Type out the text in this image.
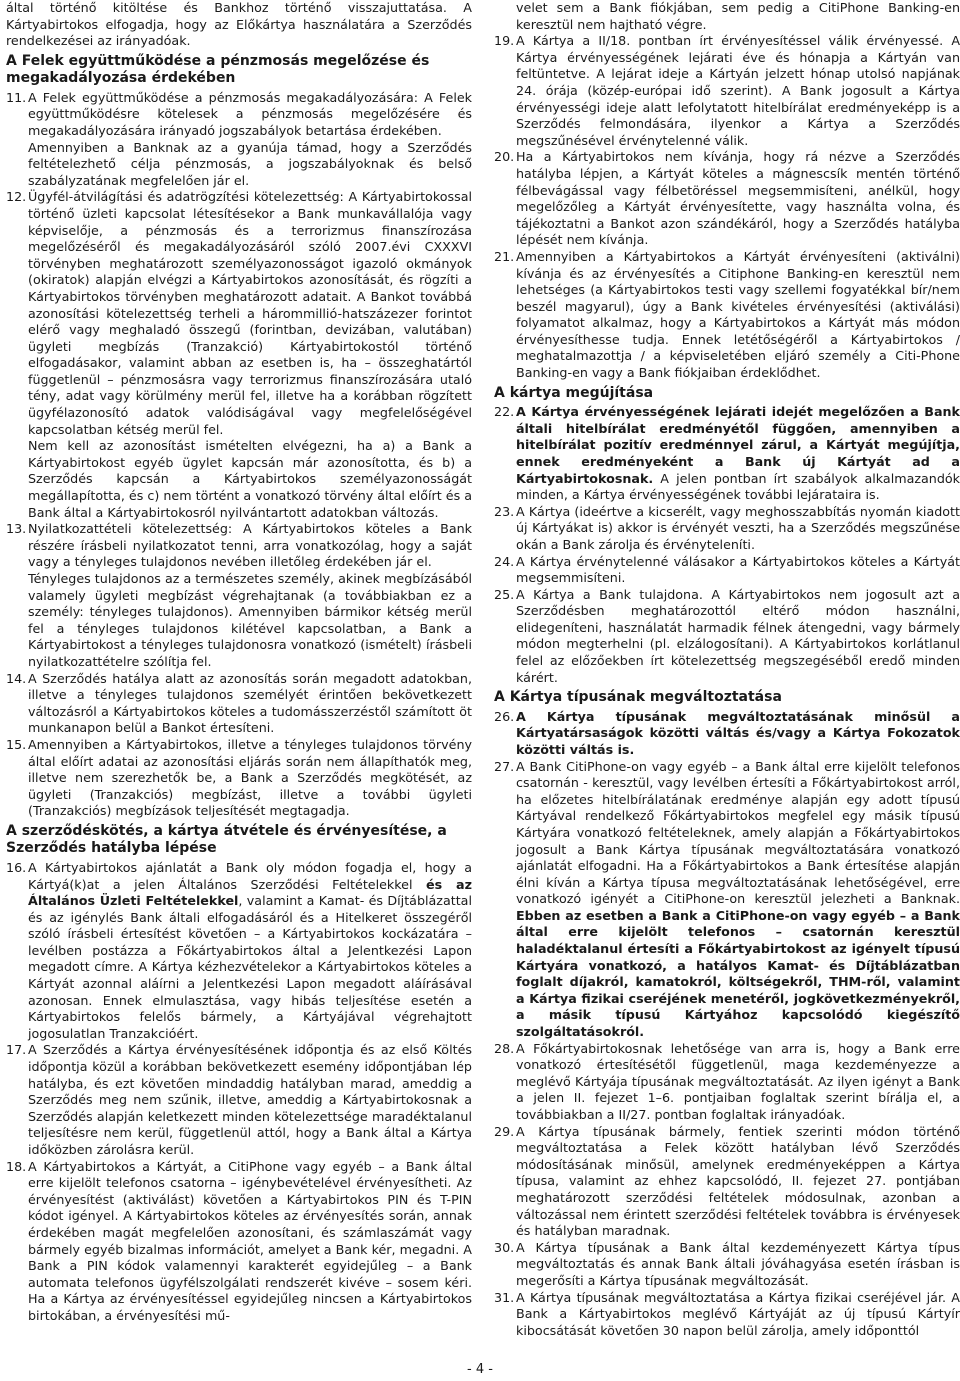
által történő kitöltése és Bankhoz történő visszajuttatása. A Kártyabirtokos elfogadja, hogy az Előkártya használatára a Szerződés rendelkezései az irányadóak.

A Felek együttműködése a pénzmosás megelőzése és megakadályozása érdekében
11. A Felek együttműködése a pénzmosás megakadályozására: A Felek együttműködésre kötelesek a pénzmosás megelőzésére és megakadályozására irányadó jogszabályok betartása érdekében.

Amennyiben a Banknak az a gyanúja támad, hogy a Szerződés feltételezhető célja pénzmosás, a jogszabályoknak és belső szabályzatának megfelelően jár el.

12. Ügyfél-átvilágítási és adatrögzítési kötelezettség: A Kártyabirtokossal történő üzleti kapcsolat létesítésekor a Bank munkavállalója vagy képviselője, a pénzmosás és a terrorizmus finanszírozása megelőzéséről és megakadályozásáról szóló 2007.évi CXXXVI törvényben meghatározott személyazonosságot igazoló okmányok (okiratok) alapján elvégzi a Kártyabirtokos azonosítását, és rögzíti a Kártyabirtokos törvényben meghatározott adatait. A Bankot továbbá azonosítási kötelezettség terheli a hárommillió-hatszázezer forintot elérő vagy meghaladó összegű (forintban, devizában, valutában) ügyleti megbízás (Tranzakció) Kártyabirtokostól történő elfogadásakor, valamint abban az esetben is, ha – összeghatártól függetlenül – pénzmosásra vagy terrorizmus finanszírozására utaló tény, adat vagy körülmény merül fel, illetve ha a korábban rögzített ügyfélazonosító adatok valódiságával vagy megfelelőségével kapcsolatban kétség merül fel.

Nem kell az azonosítást ismételten elvégezni, ha a) a Bank a Kártyabirtokost egyéb ügylet kapcsán már azonosította, és b) a Szerződés kapcsán a Kártyabirtokos személyazonosságát megállapította, és c) nem történt a vonatkozó törvény által előírt és a Bank által a Kártyabirtokosról nyilvántartott adatokban változás.

13. Nyilatkozattételi kötelezettség: A Kártyabirtokos köteles a Bank részére írásbeli nyilatkozatot tenni, arra vonatkozólag, hogy a saját vagy a tényleges tulajdonos nevében illetőleg érdekében jár el.

Tényleges tulajdonos az a természetes személy, akinek megbízásából valamely ügyleti megbízást végrehajtanak (a továbbiakban ez a személy: tényleges tulajdonos). Amennyiben bármikor kétség merül fel a tényleges tulajdonos kilétével kapcsolatban, a Bank a Kártyabirtokost a tényleges tulajdonosra vonatkozó (ismételt) írásbeli nyilatkozattételre szólítja fel.

14. A Szerződés hatálya alatt az azonosítás során megadott adatokban, illetve a tényleges tulajdonos személyét érintően bekövetkezett változásról a Kártyabirtokos köteles a tudomásszerzéstől számított öt munkanapon belül a Bankot értesíteni.
15. Amennyiben a Kártyabirtokos, illetve a tényleges tulajdonos törvény által előírt adatai az azonosítási eljárás során nem állapíthatók meg, illetve nem szerezhetők be, a Bank a Szerződés megkötését, az ügyleti (Tranzakciós) megbízást, illetve a további ügyleti (Tranzakciós) megbízások teljesítését megtagadja.
A szerződéskötés, a kártya átvétele és érvényesítése, a Szerződés hatályba lépése
16. A Kártyabirtokos ajánlatát a Bank oly módon fogadja el, hogy a Kártyá(k)at a jelen Általános Szerződési Feltételekkel és az Általános Üzleti Feltételekkel, valamint a Kamat- és Díjtáblázattal és az igénylés Bank általi elfogadásáról és a Hitelkeret összegéről szóló írásbeli értesítést követően – a Kártyabirtokos kockázatára – levélben postázza a Főkártyabirtokos által a Jelentkezési Lapon megadott címre. A Kártya kézhezvételekor a Kártyabirtokos köteles a Kártyát azonnal aláírni a Jelentkezési Lapon megadott aláírásával azonosan. Ennek elmulasztása, vagy hibás teljesítése esetén a Kártyabirtokos felelős bármely, a Kártyájával végrehajtott jogosulatlan Tranzakcióért.
17. A Szerződés a Kártya érvényesítésének időpontja és az első Költés időpontja közül a korábban bekövetkezett esemény időpontjában lép hatályba, és ezt követően mindaddig hatályban marad, ameddig a Szerződés meg nem szűnik, illetve, ameddig a Kártyabirtokosnak a Szerződés alapján keletkezett minden kötelezettsége maradéktalanul teljesítésre nem kerül, függetlenül attól, hogy a Bank által a Kártya időközben zárolásra kerül.
18. A Kártyabirtokos a Kártyát, a CitiPhone vagy egyéb – a Bank által erre kijelölt telefonos csatorna – igénybevételével érvényesítheti. Az érvényesítést (aktiválást) követően a Kártyabirtokos PIN és T-PIN kódot igényel. A Kártyabirtokos köteles az érvényesítés során, annak érdekében magát megfelelően azonosítani, és számlaszámát vagy bármely egyéb bizalmas információt, amelyet a Bank kér, megadni. A Bank a PIN kódok valamennyi karakterét egyidejűleg – a Bank automata telefonos ügyfélszolgálati rendszerét kivéve – sosem kéri. Ha a Kártya az érvényesítéssel egyidejűleg nincsen a Kártyabirtokos birtokában, a érvényesítési mű-

velet sem a Bank fiókjában, sem pedig a CitiPhone Banking-en keresztül nem hajtható végre.

19. A Kártya a II/18. pontban írt érvényesítéssel válik érvényessé. A Kártya érvényességének lejárati éve és hónapja a Kártyán van feltüntetve. A lejárat ideje a Kártyán jelzett hónap utolsó napjának 24. órája (közép-európai idő szerint). A Bank jogosult a Kártya érvényességi ideje alatt lefolytatott hitelbírálat eredményeképp is a Szerződés felmondására, ilyenkor a Kártya a Szerződés megszűnésével érvénytelenné válik.
20. Ha a Kártyabirtokos nem kívánja, hogy rá nézve a Szerződés hatályba lépjen, a Kártyát köteles a mágnescsík mentén történő félbevágással vagy félbetöréssel megsemmisíteni, anélkül, hogy megelőzőleg a Kártyát érvényesítette, vagy használta volna, és tájékoztatni a Bankot azon szándékáról, hogy a Szerződés hatályba lépését nem kívánja.
21. Amennyiben a Kártyabirtokos a Kártyát érvényesíteni (aktiválni) kívánja és az érvényesítés a Citiphone Banking-en keresztül nem lehetséges (a Kártyabirtokos testi vagy szellemi fogyatékkal bír/nem beszél magyarul), úgy a Bank kivételes érvényesítési (aktiválási) folyamatot alkalmaz, hogy a Kártyabirtokos a Kártyát más módon érvényesíthesse tudja. Ennek letétőségéről a Kártyabirtokos / meghatalmazottja / a képviseletében eljáró személy a Citi-Phone Banking-en vagy a Bank fiókjaiban érdeklődhet.
A kártya megújítása
22. A Kártya érvényességének lejárati idejét megelőzően a Bank általi hitelbírálat eredményétől függően, amennyiben a hitelbírálat pozitív eredménnyel zárul, a Kártyát megújítja, ennek eredményeként a Bank új Kártyát ad a Kártyabirtokosnak. A jelen pontban írt szabályok alkalmazandók minden, a Kártya érvényességének további lejárataira is.
23. A Kártya (ideértve a kicserélt, vagy meghosszabbítás nyomán kiadott új Kártyákat is) akkor is érvényét veszti, ha a Szerződés megszűnése okán a Bank zárolja és érvényteleníti.
24. A Kártya érvénytelenné válásakor a Kártyabirtokos köteles a Kártyát megsemmisíteni.
25. A Kártya a Bank tulajdona. A Kártyabirtokos nem jogosult azt a Szerződésben meghatározottól eltérő módon használni, elidegeníteni, használatát harmadik félnek átengedni, vagy bármely módon megterhelni (pl. elzálogosítani). A Kártyabirtokos korlátlanul felel az előzőekben írt kötelezettség megszegéséből eredő minden kárért.
A Kártya típusának megváltoztatása
26. A Kártya típusának megváltoztatásának minősül a Kártyatársaságok közötti váltás és/vagy a Kártya Fokozatok közötti váltás is.
27. A Bank CitiPhone-on vagy egyéb – a Bank által erre kijelölt telefonos csatornán - keresztül, vagy levélben értesíti a Főkártyabirtokost arról, ha előzetes hitelbírálatának eredménye alapján egy adott típusú Kártyával rendelkező Főkártyabirtokos megfelel egy másik típusú Kártyára vonatkozó feltételeknek, amely alapján a Főkártyabirtokos jogosult a Bank Kártya típusának megváltoztatására vonatkozó ajánlatát elfogadni. Ha a Főkártyabirtokos a Bank értesítése alapján élni kíván a Kártya típusa megváltoztatásának lehetőségével, erre vonatkozó igényét a CitiPhone-on keresztül jelezheti a Banknak. Ebben az esetben a Bank a CitiPhone-on vagy egyéb – a Bank által erre kijelölt telefonos – csatornán keresztül haladéktalanul értesíti a Főkártyabirtokost az igényelt típusú Kártyára vonatkozó, a hatályos Kamat- és Díjtáblázatban foglalt díjakról, kamatokról, költségekről, THM-ről, valamint a Kártya fizikai cseréjének menetéről, jogkövetkezményekről, a másik típusú Kártyához kapcsolódó kiegészítő szolgáltatásokról.
28. A Főkártyabirtokosnak lehetősége van arra is, hogy a Bank erre vonatkozó értesítésétől függetlenül, maga kezdeményezze a meglévő Kártyája típusának megváltoztatását. Az ilyen igényt a Bank a jelen II. fejezet 1–6. pontjaiban foglaltak szerint bírálja el, a továbbiakban a II/27. pontban foglaltak irányadóak.
29. A Kártya típusának bármely, fentiek szerinti módon történő megváltoztatása a Felek között hatályban lévő Szerződés módosításának minősül, amelynek eredményeképpen a Kártya típusa, valamint az ehhez kapcsolódó, II. fejezet 27. pontjában meghatározott szerződési feltételek módosulnak, azonban a változással nem érintett szerződési feltételek továbbra is érvényesek és hatályban maradnak.
30. A Kártya típusának a Bank által kezdeményezett Kártya típus megváltoztatás és annak Bank általi jóváhagyása esetén írásban is megerősíti a Kártya típusának megváltozását.
31. A Kártya típusának megváltoztatása a Kártya fizikai cseréjével jár. A Bank a Kártyabirtokos meglévő Kártyáját az új típusú Kártyír kibocsátását követően 30 napon belül zárolja, amely időponttól
- 4 -
